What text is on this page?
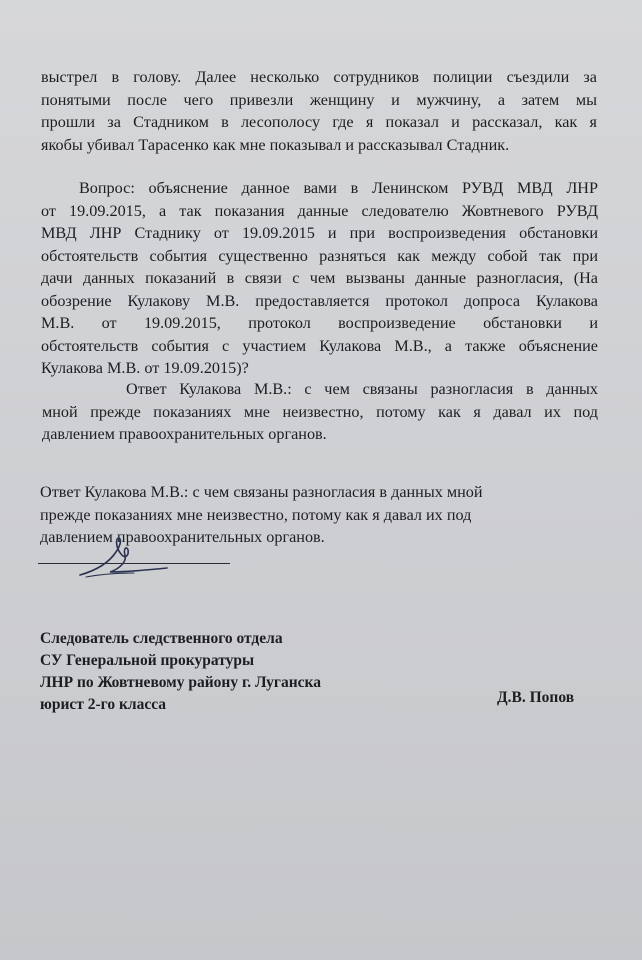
выстрел в голову. Далее несколько сотрудников полиции съездили за
понятыми после чего привезли женщину и мужчину, а затем мы
прошли за Стадником в лесополосу где я показал и рассказал, как я
якобы убивал Тарасенко как мне показывал и рассказывал Стадник.

Вопрос: объяснение данное вами в Ленинском РУВД МВД ЛНР
от 19.09.2015, а так показания данные следователю Жовтневого РУВД
МВД ЛНР Стаднику от 19.09.2015 и при воспроизведения обстановки
обстоятельств события существенно разняться как между собой так при
дачи данных показаний в связи с чем вызваны данные разногласия, (На
обозрение Кулакову М.В. предоставляется протокол допроса Кулакова
М.В. от 19.09.2015, протокол воспроизведение обстановки и
обстоятельств события с участием Кулакова М.В., а также объяснение
Кулакова М.В. от 19.09.2015)?

Ответ Кулакова М.В.: с чем связаны разногласия в данных
мной прежде показаниях мне неизвестно, потому как я давал их под
давлением правоохранительных органов.

Ответ Кулакова М.В.: с чем связаны разногласия в данных мной
прежде показаниях мне неизвестно, потому как я давал их под
давлением правоохранительных органов.

Следователь следственного отдела
СУ Генеральной прокуратуры
ЛНР по Жовтневому району г. Луганска
юрист 2-го класса	Д.В. Попов
